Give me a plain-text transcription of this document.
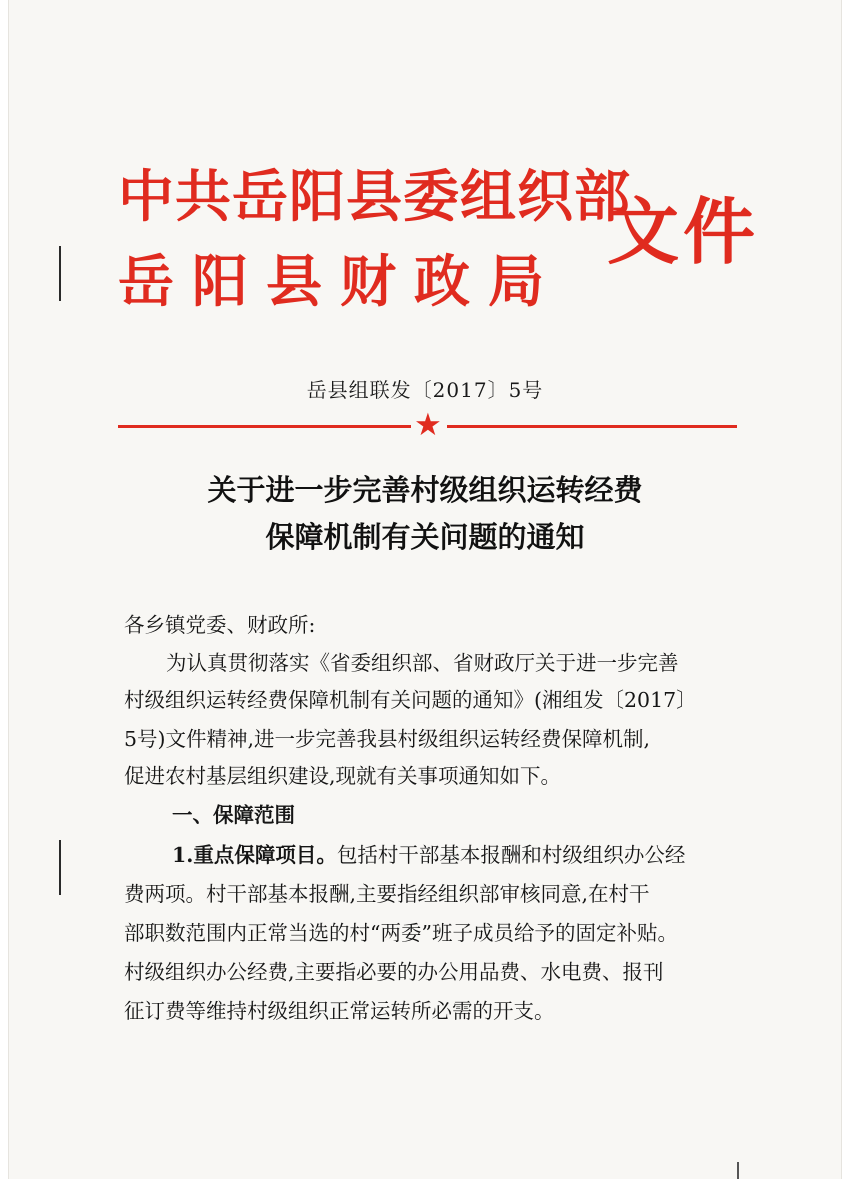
中共岳阳县委组织部
岳阳县财政局
文件
岳县组联发〔2017〕5号
★
关于进一步完善村级组织运转经费
保障机制有关问题的通知
各乡镇党委、财政所:
为认真贯彻落实《省委组织部、省财政厅关于进一步完善
村级组织运转经费保障机制有关问题的通知》(湘组发〔2017〕
5号)文件精神,进一步完善我县村级组织运转经费保障机制,
促进农村基层组织建设,现就有关事项通知如下。
一、保障范围
1.重点保障项目。包括村干部基本报酬和村级组织办公经
费两项。村干部基本报酬,主要指经组织部审核同意,在村干
部职数范围内正常当选的村“两委”班子成员给予的固定补贴。
村级组织办公经费,主要指必要的办公用品费、水电费、报刊
征订费等维持村级组织正常运转所必需的开支。
